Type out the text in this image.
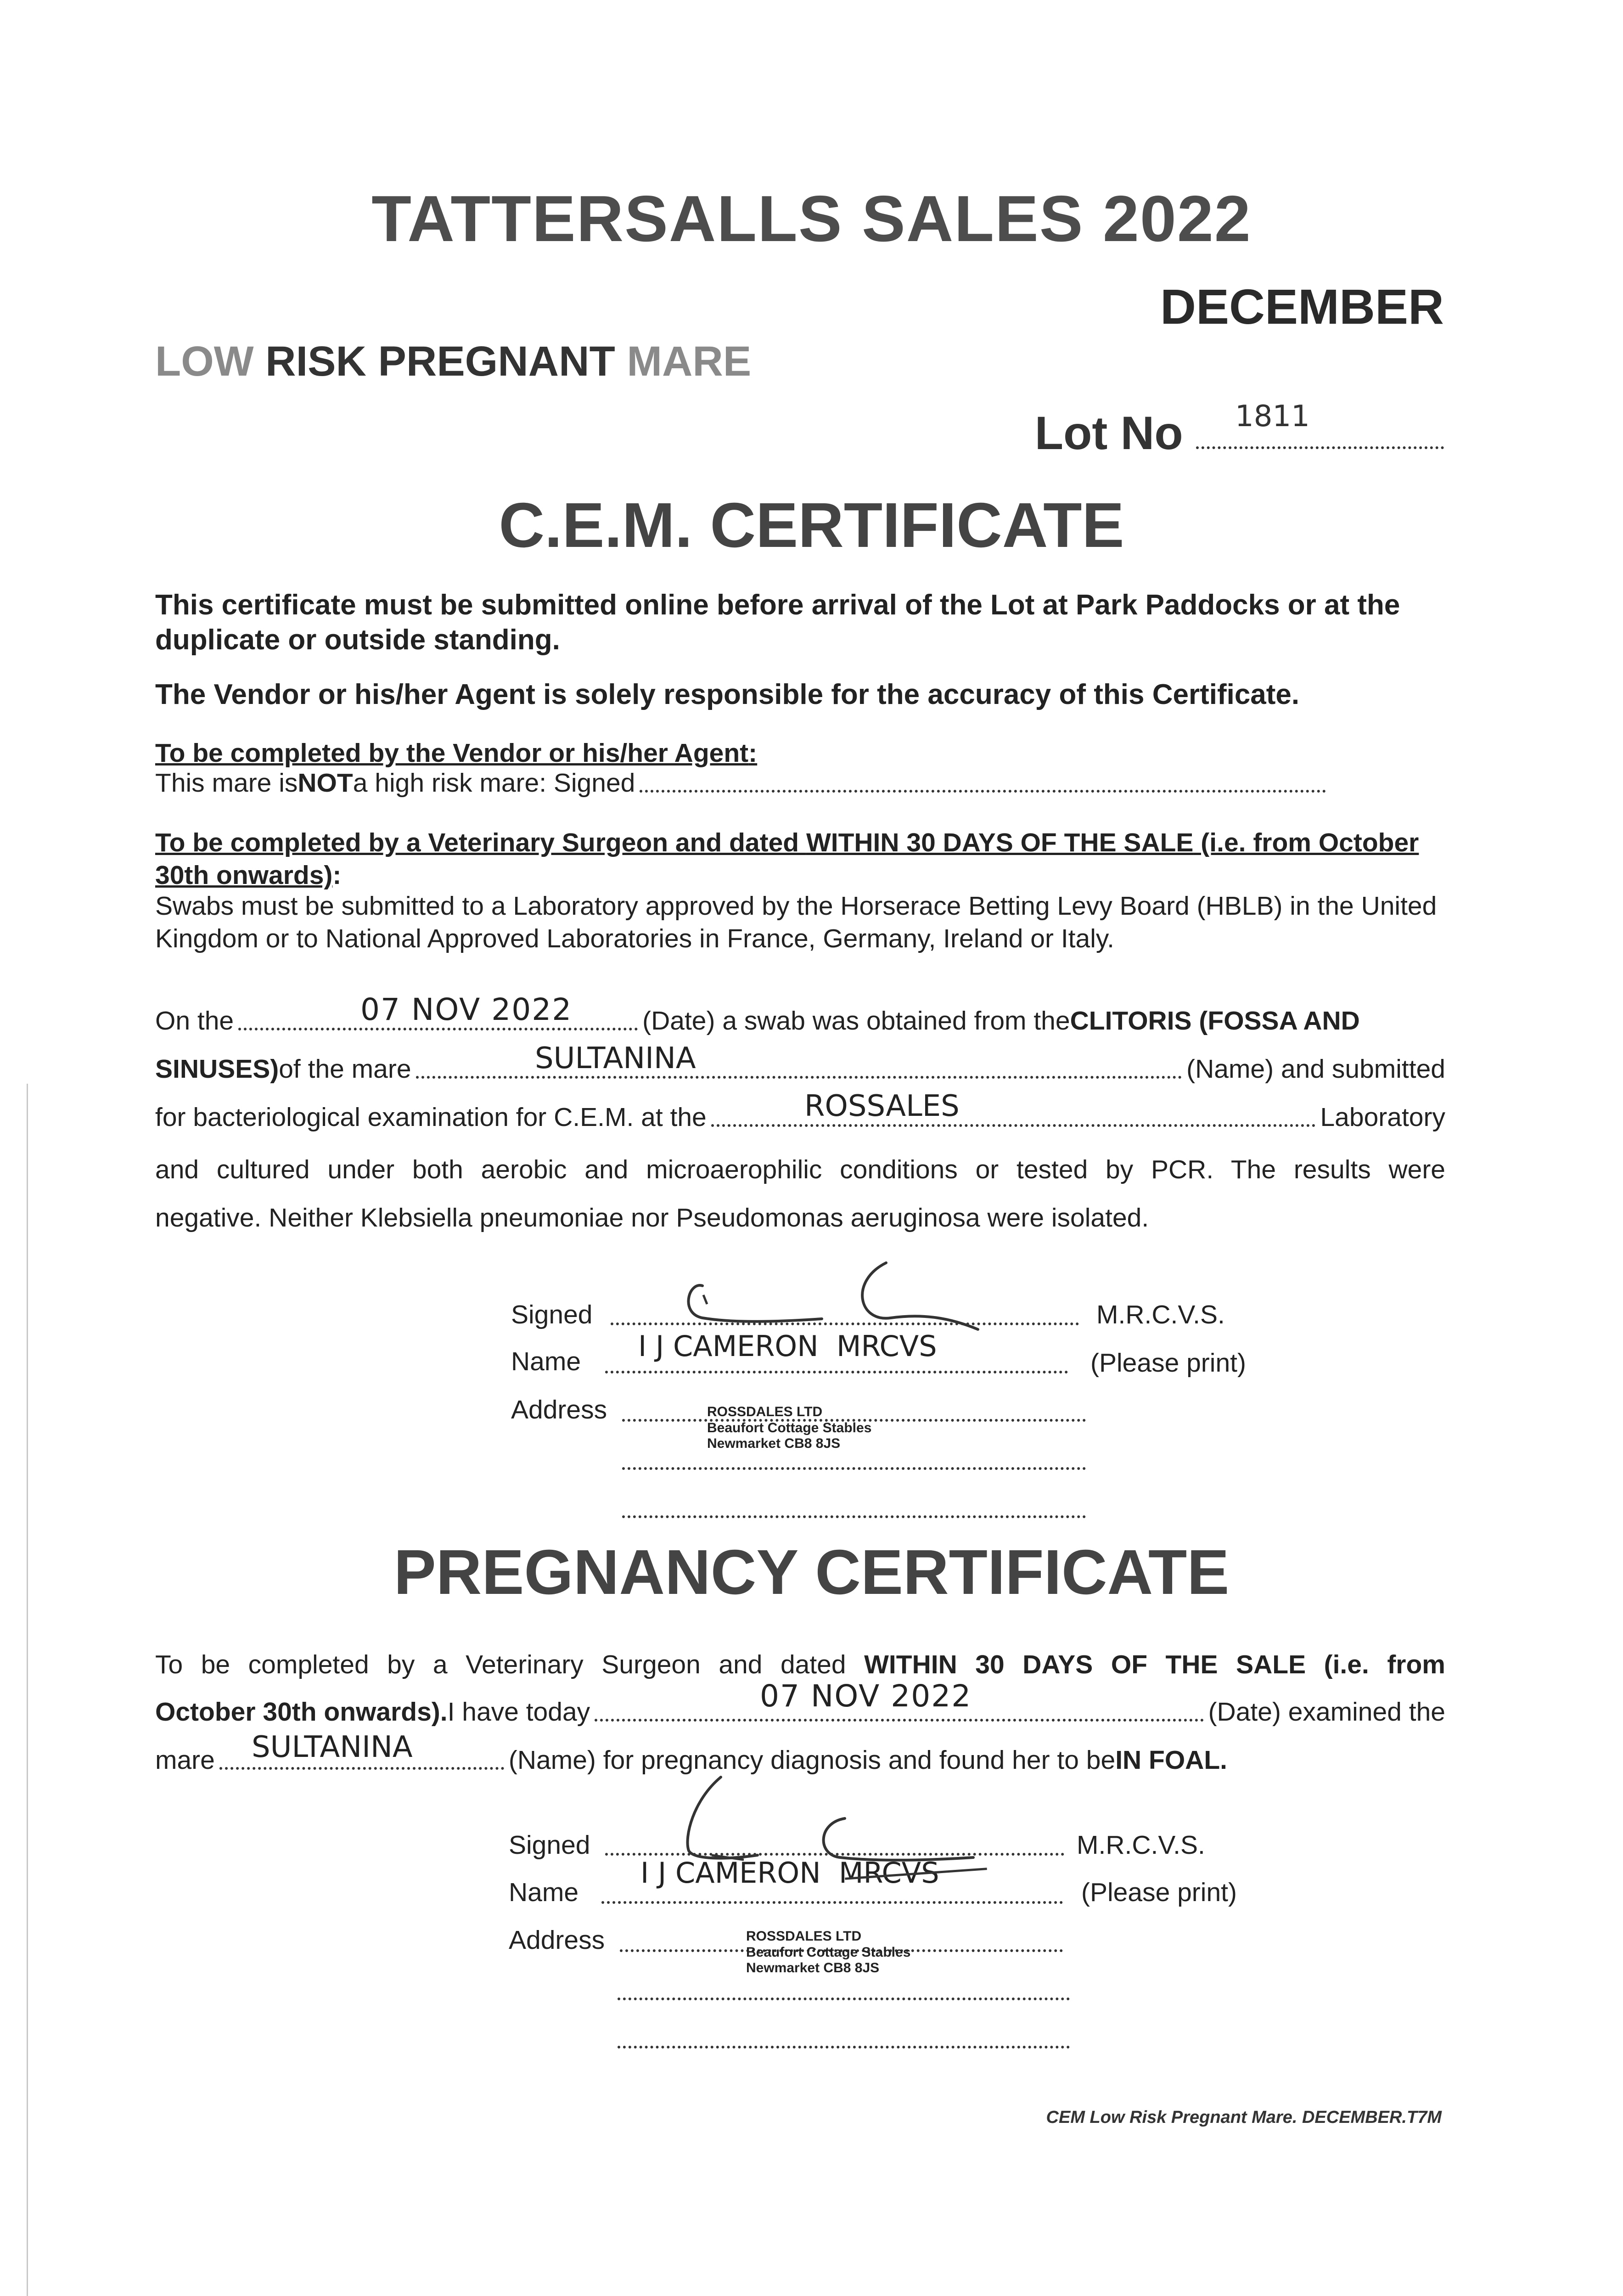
TATTERSALLS SALES 2022
DECEMBER
LOW RISK PREGNANT MARE
Lot No	1811
C.E.M. CERTIFICATE
This certificate must be submitted online before arrival of the Lot at Park Paddocks or at the duplicate or outside standing.
The Vendor or his/her Agent is solely responsible for the accuracy of this Certificate.
To be completed by the Vendor or his/her Agent:
This mare is NOT a high risk mare: Signed
To be completed by a Veterinary Surgeon and dated WITHIN 30 DAYS OF THE SALE (i.e. from October 30th onwards):
Swabs must be submitted to a Laboratory approved by the Horserace Betting Levy Board (HBLB) in the United Kingdom or to National Approved Laboratories in France, Germany, Ireland or Italy.
On the	(Date) a swab was obtained from the CLITORIS (FOSSA AND
07 NOV 2022
SINUSES) of the mare	(Name) and submitted
SULTANINA
for bacteriological examination for C.E.M. at the	Laboratory
ROSSALES
and cultured under both aerobic and microaerophilic conditions or tested by PCR. The results were
negative. Neither Klebsiella pneumoniae nor Pseudomonas aeruginosa were isolated.
Signed	M.R.C.V.S.
Name	(Please print)
I J CAMERON  MRCVS
Address	ROSSDALES LTD
Beaufort Cottage Stables
Newmarket CB8 8JS
PREGNANCY CERTIFICATE
To be completed by a Veterinary Surgeon and dated WITHIN 30 DAYS OF THE SALE (i.e. from
October 30th onwards). I have today	(Date) examined the
07 NOV 2022
mare	(Name) for pregnancy diagnosis and found her to be IN FOAL.
SULTANINA
Signed	M.R.C.V.S.
Name	(Please print)
I J CAMERON  MRCVS
Address	ROSSDALES LTD
Beaufort Cottage Stables
Newmarket CB8 8JS
CEM Low Risk Pregnant Mare. DECEMBER.T7M
